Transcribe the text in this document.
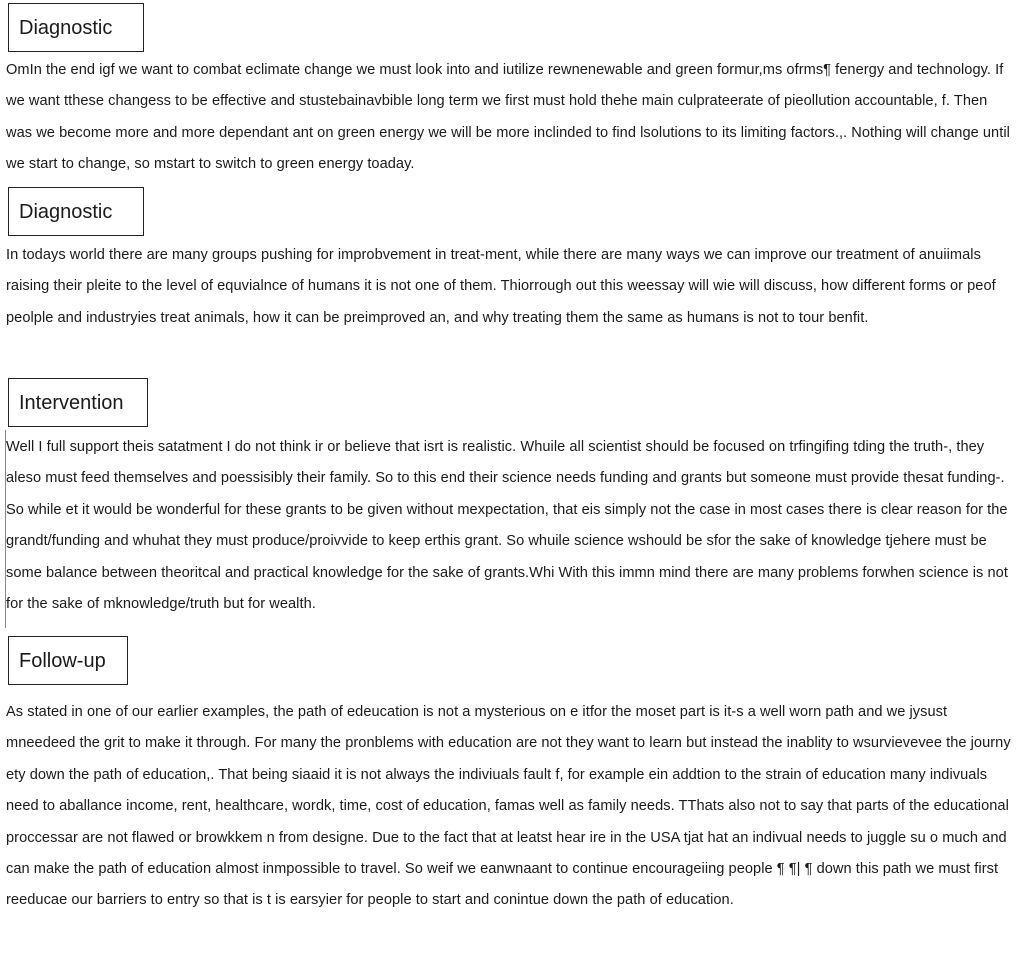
Diagnostic

OmIn the end igf we want to combat eclimate change we must look into and iutilize rewnenewable and green formur,ms ofrms¶ fenergy and technology. If we want tthese changess to be effective and stustebainavbible long term we first must hold thehe main culprateerate of pieollution accountable, f. Then was we become more and more dependant ant on green energy we will be more inclinded to find lsolutions to its limiting factors.,. Nothing will change until we start to change, so mstart to switch to green energy toaday.

Diagnostic

In todays world there are many groups pushing for improbvement in treat-ment, while there are many ways we can improve our treatment of anuiimals raising their pleite to the level of equvialnce of humans it is not one of them. Thiorrough out this weessay will wie will discuss, how different forms or peof peolple and industryies treat animals, how it can be preimproved an, and why treating them the same as humans is not to tour benfit.

Intervention

Well I full support theis satatment I do not think ir or believe that isrt is realistic. Whuile all scientist should be focused on trfingifing tding the truth-, they aleso must feed themselves and poessisibly their family. So to this end their science needs funding and grants but someone must provide thesat funding-. So while et it would be wonderful for these grants to be given without mexpectation, that eis simply not the case in most cases there is clear reason for the grandt/funding and whuhat they must produce/proivvide to keep erthis grant. So whuile science wshould be sfor the sake of knowledge tjehere must be some balance between theoritcal and practical knowledge for the sake of grants.Whi With this immn mind there are many problems forwhen science is not for the sake of mknowledge/truth but for wealth.

Follow-up

As stated in one of our earlier examples, the path of edeucation is not a mysterious on e itfor the moset part is it-s a well worn path and we jysust mneedeed the grit to make it through. For many the pronblems with education are not they want to learn but instead the inablity to wsurvievevee the journy ety down the path of education,. That being siaaid it is not always the indiviuals fault f, for example ein addtion to the strain of education many indivuals need to aballance income, rent, healthcare, wordk, time, cost of education, famas well as family needs. TThats also not to say that parts of the educational proccessar are not flawed or browkkem n from designe. Due to the fact that at leatst hear ire in the USA tjat hat an indivual needs to juggle su o much and can make the path of education almost inmpossible to travel. So weif we eanwnaant to continue encourageiing people ¶ ¶| ¶ down this path we must first reeducae our barriers to entry so that is t is earsyier for people to start and conintue down the path of education.
